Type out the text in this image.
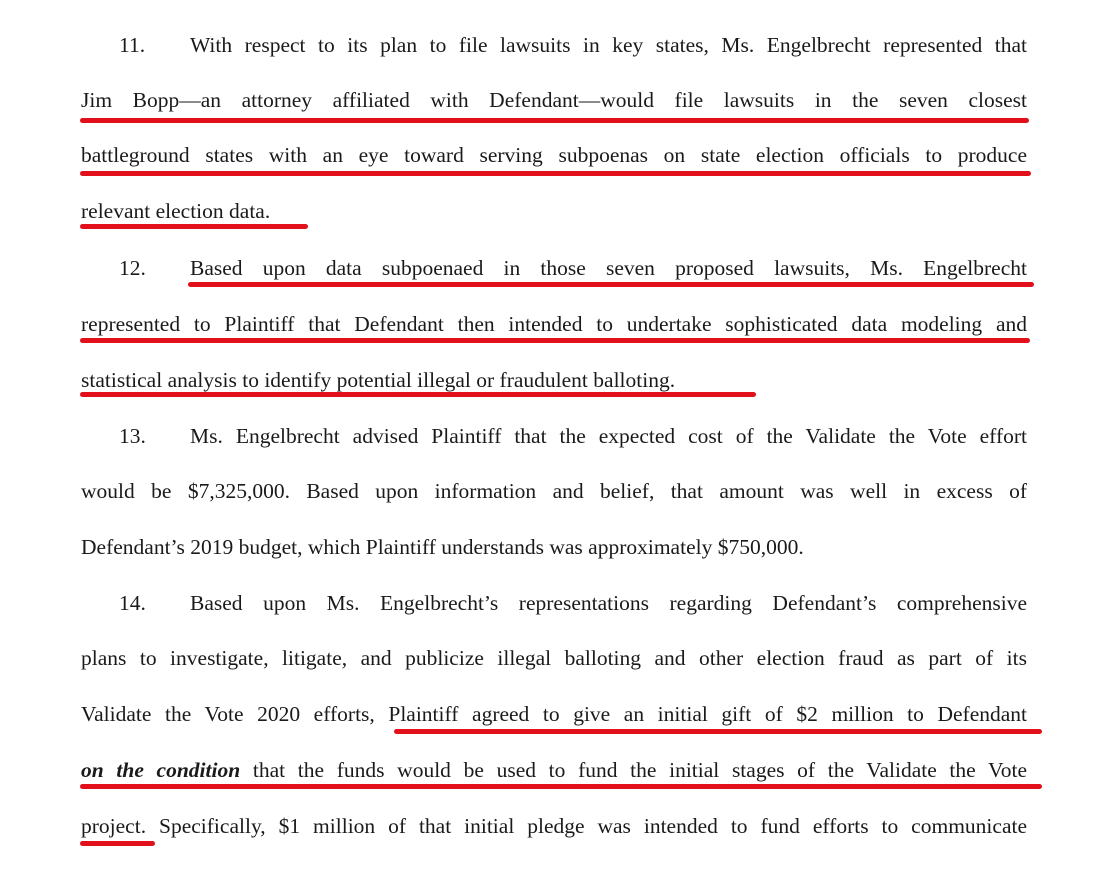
11. With respect to its plan to file lawsuits in key states, Ms. Engelbrecht represented that
Jim Bopp—an attorney affiliated with Defendant—would file lawsuits in the seven closest
battleground states with an eye toward serving subpoenas on state election officials to produce
relevant election data.
12. Based upon data subpoenaed in those seven proposed lawsuits, Ms. Engelbrecht
represented to Plaintiff that Defendant then intended to undertake sophisticated data modeling and
statistical analysis to identify potential illegal or fraudulent balloting.
13. Ms. Engelbrecht advised Plaintiff that the expected cost of the Validate the Vote effort
would be $7,325,000. Based upon information and belief, that amount was well in excess of
Defendant’s 2019 budget, which Plaintiff understands was approximately $750,000.
14. Based upon Ms. Engelbrecht’s representations regarding Defendant’s comprehensive
plans to investigate, litigate, and publicize illegal balloting and other election fraud as part of its
Validate the Vote 2020 efforts, Plaintiff agreed to give an initial gift of $2 million to Defendant
on the condition that the funds would be used to fund the initial stages of the Validate the Vote
project. Specifically, $1 million of that initial pledge was intended to fund efforts to communicate
